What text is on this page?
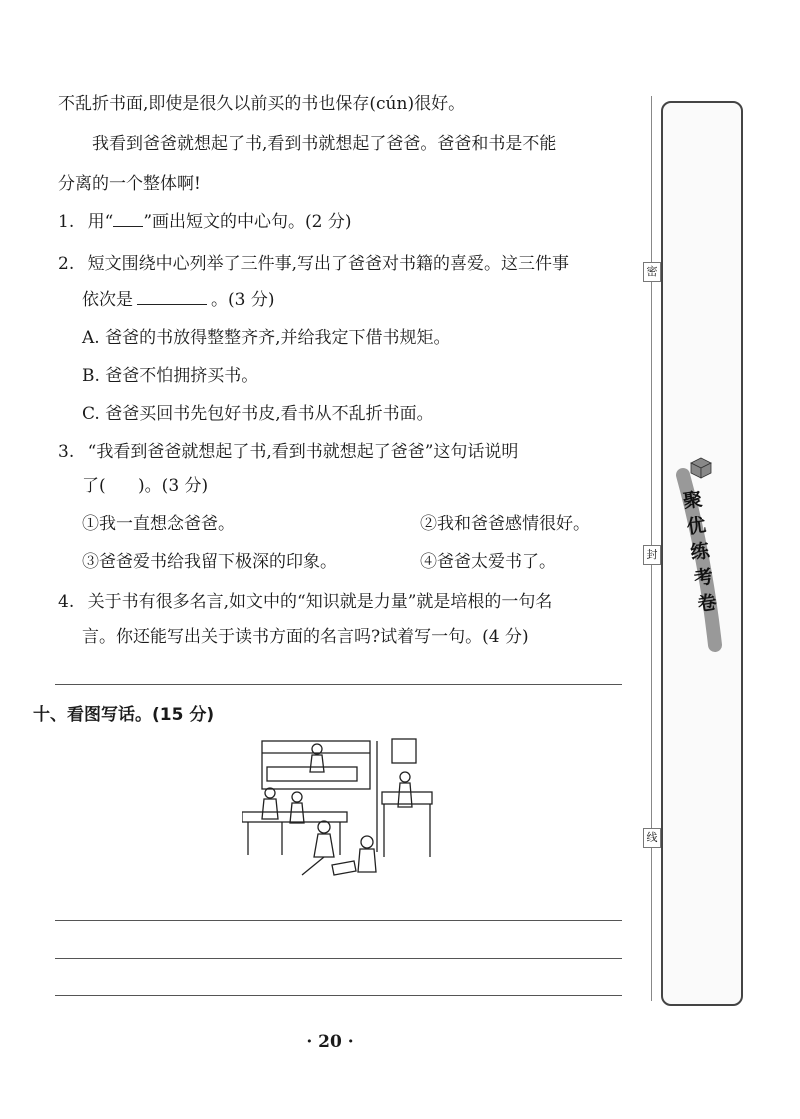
不乱折书面,即使是很久以前买的书也保存(cún)很好。
我看到爸爸就想起了书,看到书就想起了爸爸。爸爸和书是不能
分离的一个整体啊!
1. 用“ ”画出短文的中心句。(2 分)
2. 短文围绕中心列举了三件事,写出了爸爸对书籍的喜爱。这三件事
依次是	。(3 分)
A. 爸爸的书放得整整齐齐,并给我定下借书规矩。
B. 爸爸不怕拥挤买书。
C. 爸爸买回书先包好书皮,看书从不乱折书面。
3. “我看到爸爸就想起了书,看到书就想起了爸爸”这句话说明
了(      )。(3 分)
①我一直想念爸爸。	②我和爸爸感情很好。
③爸爸爱书给我留下极深的印象。	④爸爸太爱书了。
4. 关于书有很多名言,如文中的“知识就是力量”就是培根的一句名
言。你还能写出关于读书方面的名言吗?试着写一句。(4 分)
十、看图写话。(15 分)
密
封
线
聚优练考卷
· 20 ·
